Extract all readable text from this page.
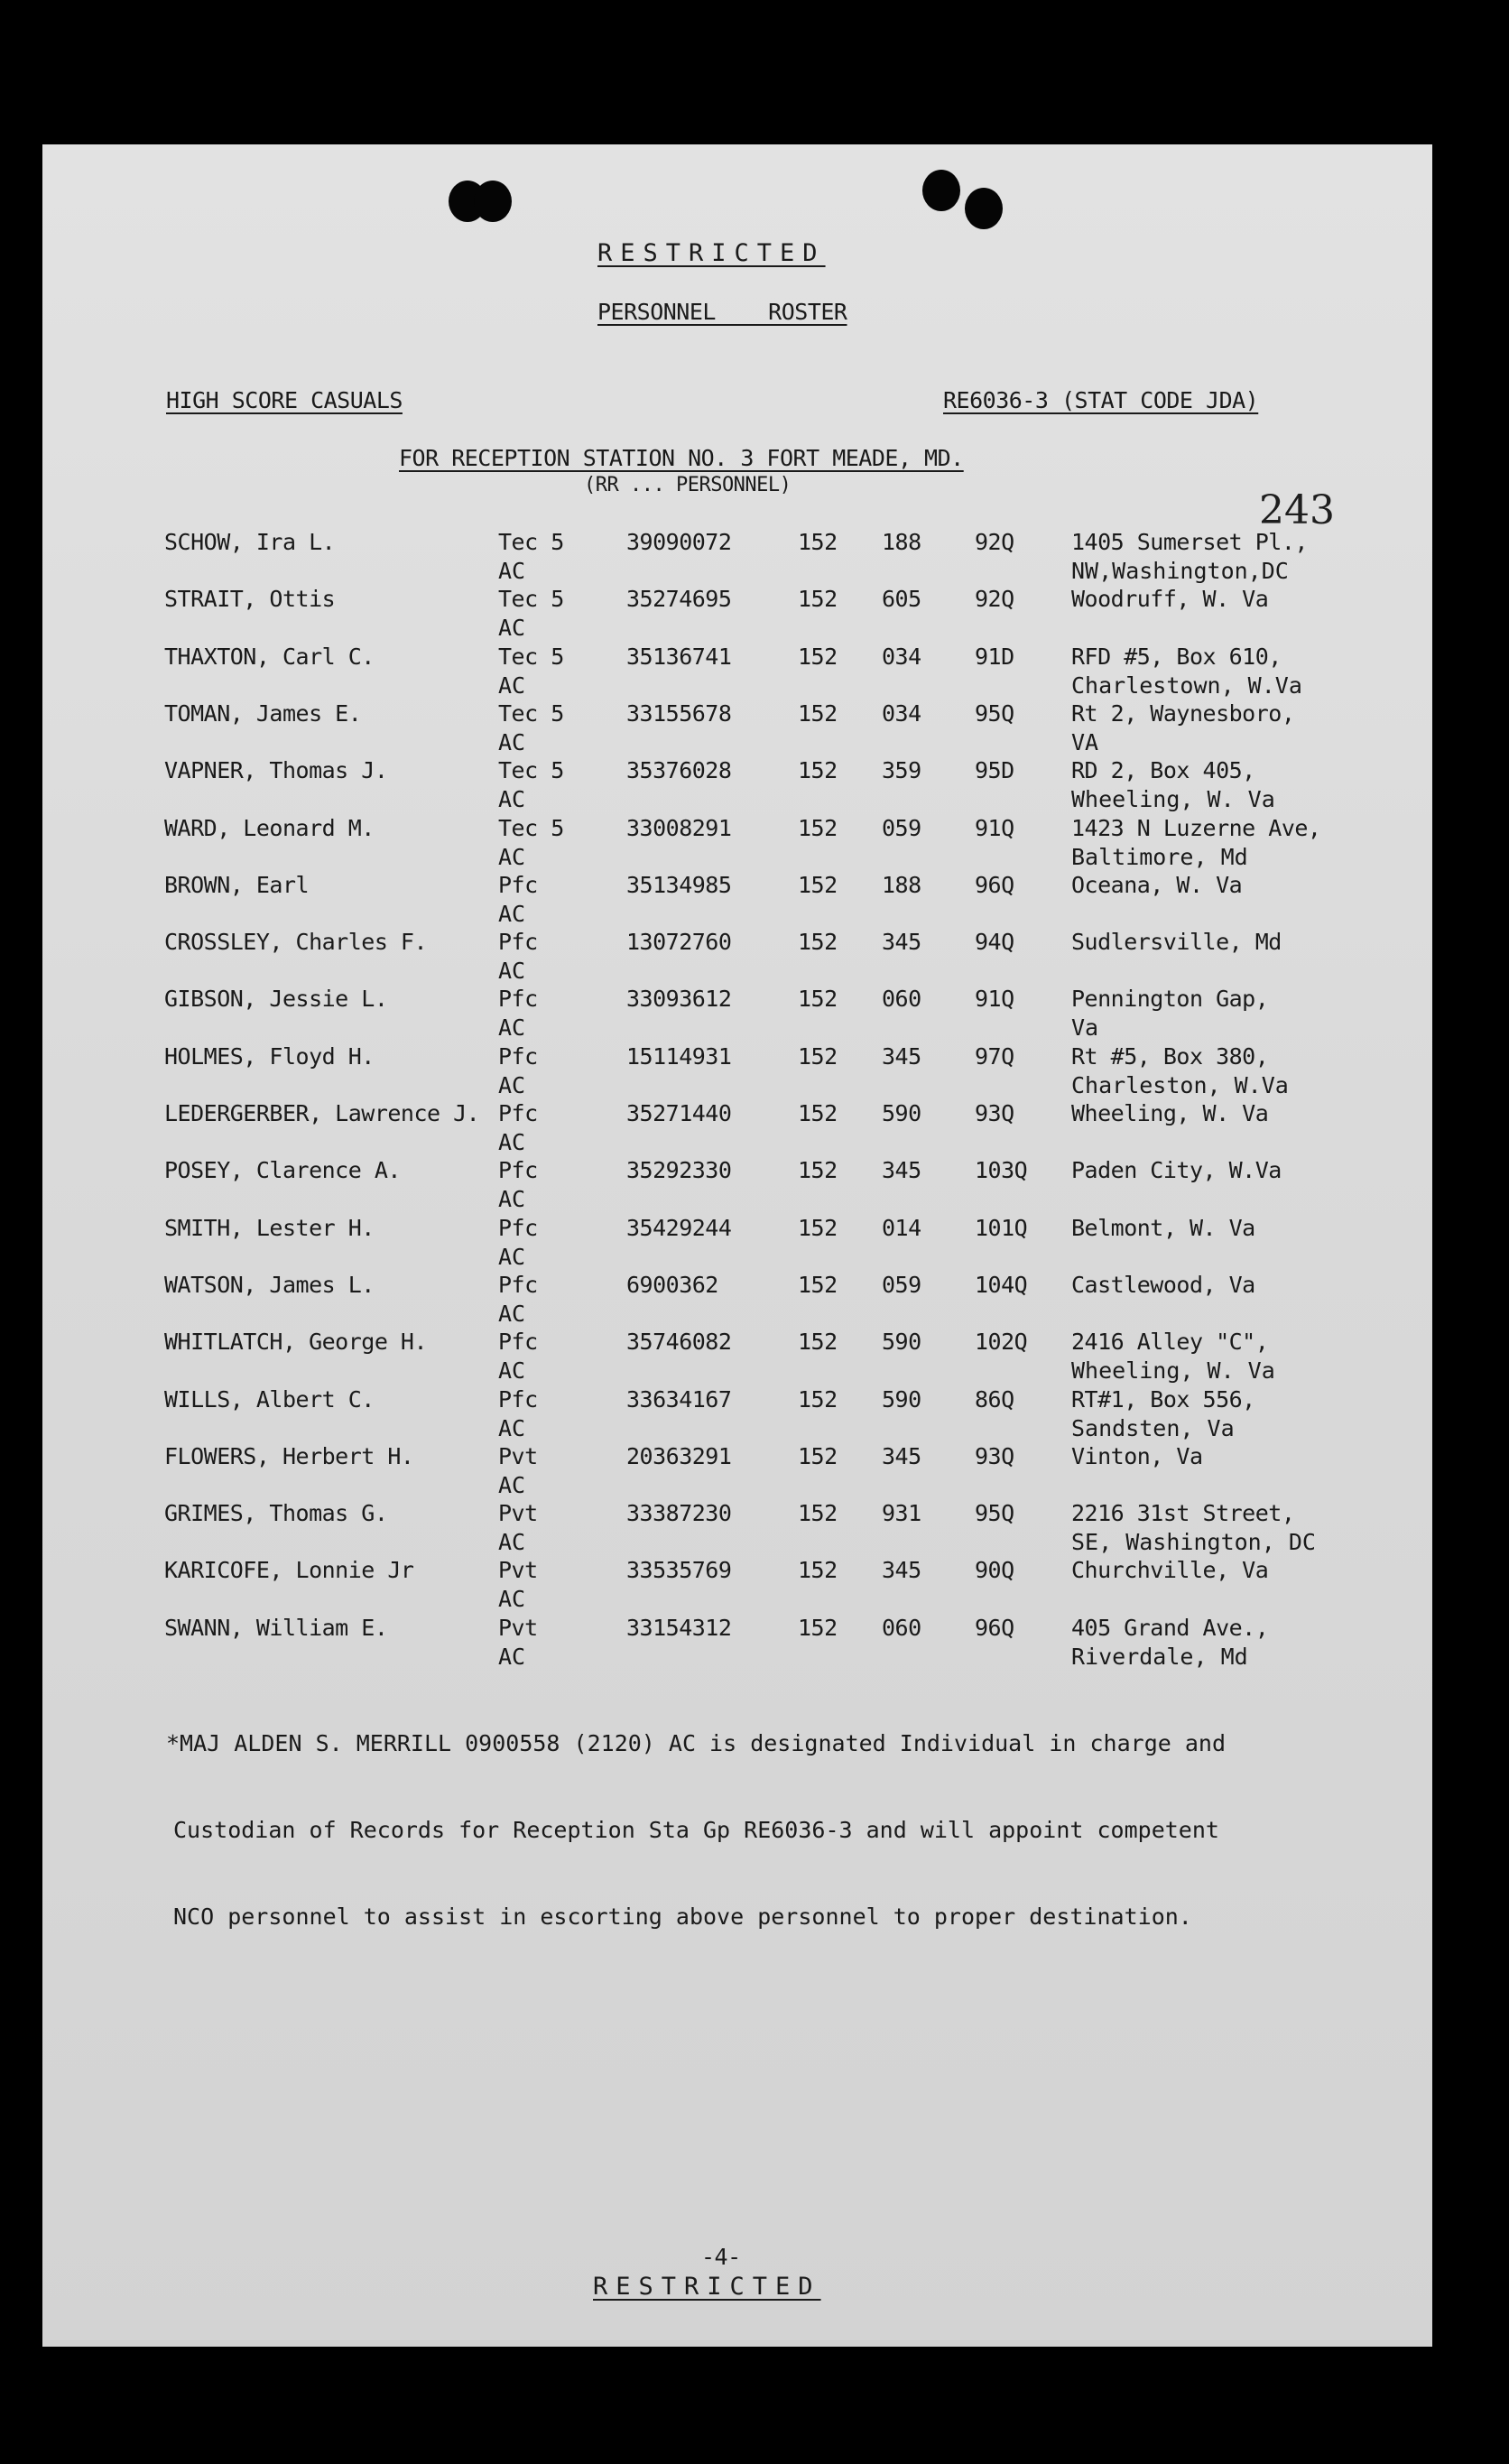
RESTRICTED
PERSONNEL    ROSTER
HIGH SCORE CASUALS	RE6036-3 (STAT CODE JDA)
FOR RECEPTION STATION NO. 3 FORT MEADE, MD.
(RR ... PERSONNEL)
243
SCHOW, Ira L.	Tec 5	39090072	152 188 92Q	1405 Sumerset Pl.,
AC	NW,Washington,DC
STRAIT, Ottis	Tec 5	35274695	152 605 92Q	Woodruff, W. Va
AC
THAXTON, Carl C.	Tec 5	35136741	152 034 91D	RFD #5, Box 610,
AC	Charlestown, W.Va
TOMAN, James E.	Tec 5	33155678	152 034 95Q	Rt 2, Waynesboro,
AC	VA
VAPNER, Thomas J.	Tec 5	35376028	152 359 95D	RD 2, Box 405,
AC	Wheeling, W. Va
WARD, Leonard M.	Tec 5	33008291	152 059 91Q	1423 N Luzerne Ave,
AC	Baltimore, Md
BROWN, Earl	Pfc	35134985	152 188 96Q	Oceana, W. Va
AC
CROSSLEY, Charles F.	Pfc	13072760	152 345 94Q	Sudlersville, Md
AC
GIBSON, Jessie L.	Pfc	33093612	152 060 91Q	Pennington Gap,
AC	Va
HOLMES, Floyd H.	Pfc	15114931	152 345 97Q	Rt #5, Box 380,
AC	Charleston, W.Va
LEDERGERBER, Lawrence J. Pfc	35271440	152 590 93Q	Wheeling, W. Va
AC
POSEY, Clarence A.	Pfc	35292330	152 345 103Q Paden City, W.Va
AC
SMITH, Lester H.	Pfc	35429244	152 014 101Q Belmont, W. Va
AC
WATSON, James L.	Pfc	6900362	152 059 104Q Castlewood, Va
AC
WHITLATCH, George H.	Pfc	35746082	152 590 102Q 2416 Alley "C",
AC	Wheeling, W. Va
WILLS, Albert C.	Pfc	33634167	152 590 86Q	RT#1, Box 556,
AC	Sandsten, Va
FLOWERS, Herbert H.	Pvt	20363291	152 345 93Q	Vinton, Va
AC
GRIMES, Thomas G.	Pvt	33387230	152 931 95Q	2216 31st Street,
AC	SE, Washington, DC
KARICOFE, Lonnie Jr	Pvt	33535769	152 345 90Q	Churchville, Va
AC
SWANN, William E.	Pvt	33154312	152 060 96Q	405 Grand Ave.,
AC	Riverdale, Md

*MAJ ALDEN S. MERRILL 0900558 (2120) AC is designated Individual in charge and

Custodian of Records for Reception Sta Gp RE6036-3 and will appoint competent

NCO personnel to assist in escorting above personnel to proper destination.

-4-
RESTRICTED
